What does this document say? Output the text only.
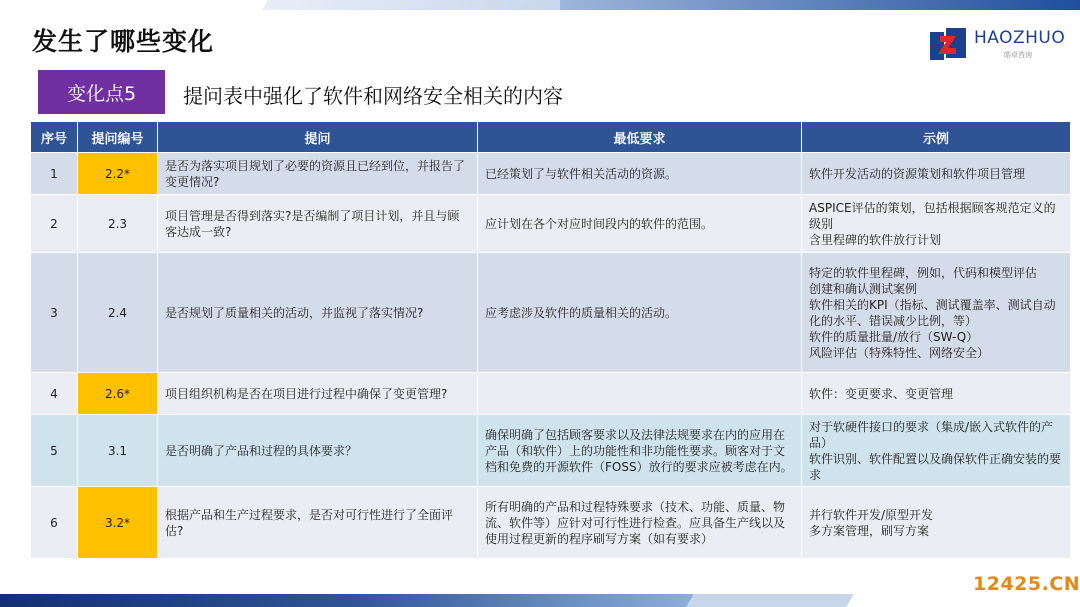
发生了哪些变化	HAOZHUO
皓卓咨询
变化点5	提问表中强化了软件和网络安全相关的内容
序号	提问编号	提问	最低要求	示例
1	2.2*	是否为落实项目规划了必要的资源且已经到位，并报告了变更情况?	已经策划了与软件相关活动的资源。	软件开发活动的资源策划和软件项目管理

2	2.3	项目管理是否得到落实?是否编制了项目计划，并且与顾客达成一致?	应计划在各个对应时间段内的软件的范围。	ASPICE评估的策划，包括根据顾客规范定义的级别
含里程碑的软件放行计划

3	2.4	是否规划了质量相关的活动，并监视了落实情况?	应考虑涉及软件的质量相关的活动。	特定的软件里程碑，例如，代码和模型评估
创建和确认测试案例
软件相关的KPI（指标、测试覆盖率、测试自动化的水平、错误减少比例，等）
软件的质量批量/放行（SW-Q）
风险评估（特殊特性、网络安全）

4	2.6*	项目组织机构是否在项目进行过程中确保了变更管理?		软件：变更要求、变更管理

5	3.1	是否明确了产品和过程的具体要求？	确保明确了包括顾客要求以及法律法规要求在内的应用在产品（和软件）上的功能性和非功能性要求。顾客对于文档和免费的开源软件（FOSS）放行的要求应被考虑在内。	对于软硬件接口的要求（集成/嵌入式软件的产品）
软件识别、软件配置以及确保软件正确安装的要求

6	3.2*	根据产品和生产过程要求，是否对可行性进行了全面评估?	所有明确的产品和过程特殊要求（技术、功能、质量、物流、软件等）应针对可行性进行检查。应具备生产线以及使用过程更新的程序刷写方案（如有要求）	并行软件开发/原型开发
多方案管理，刷写方案
12425.CN
